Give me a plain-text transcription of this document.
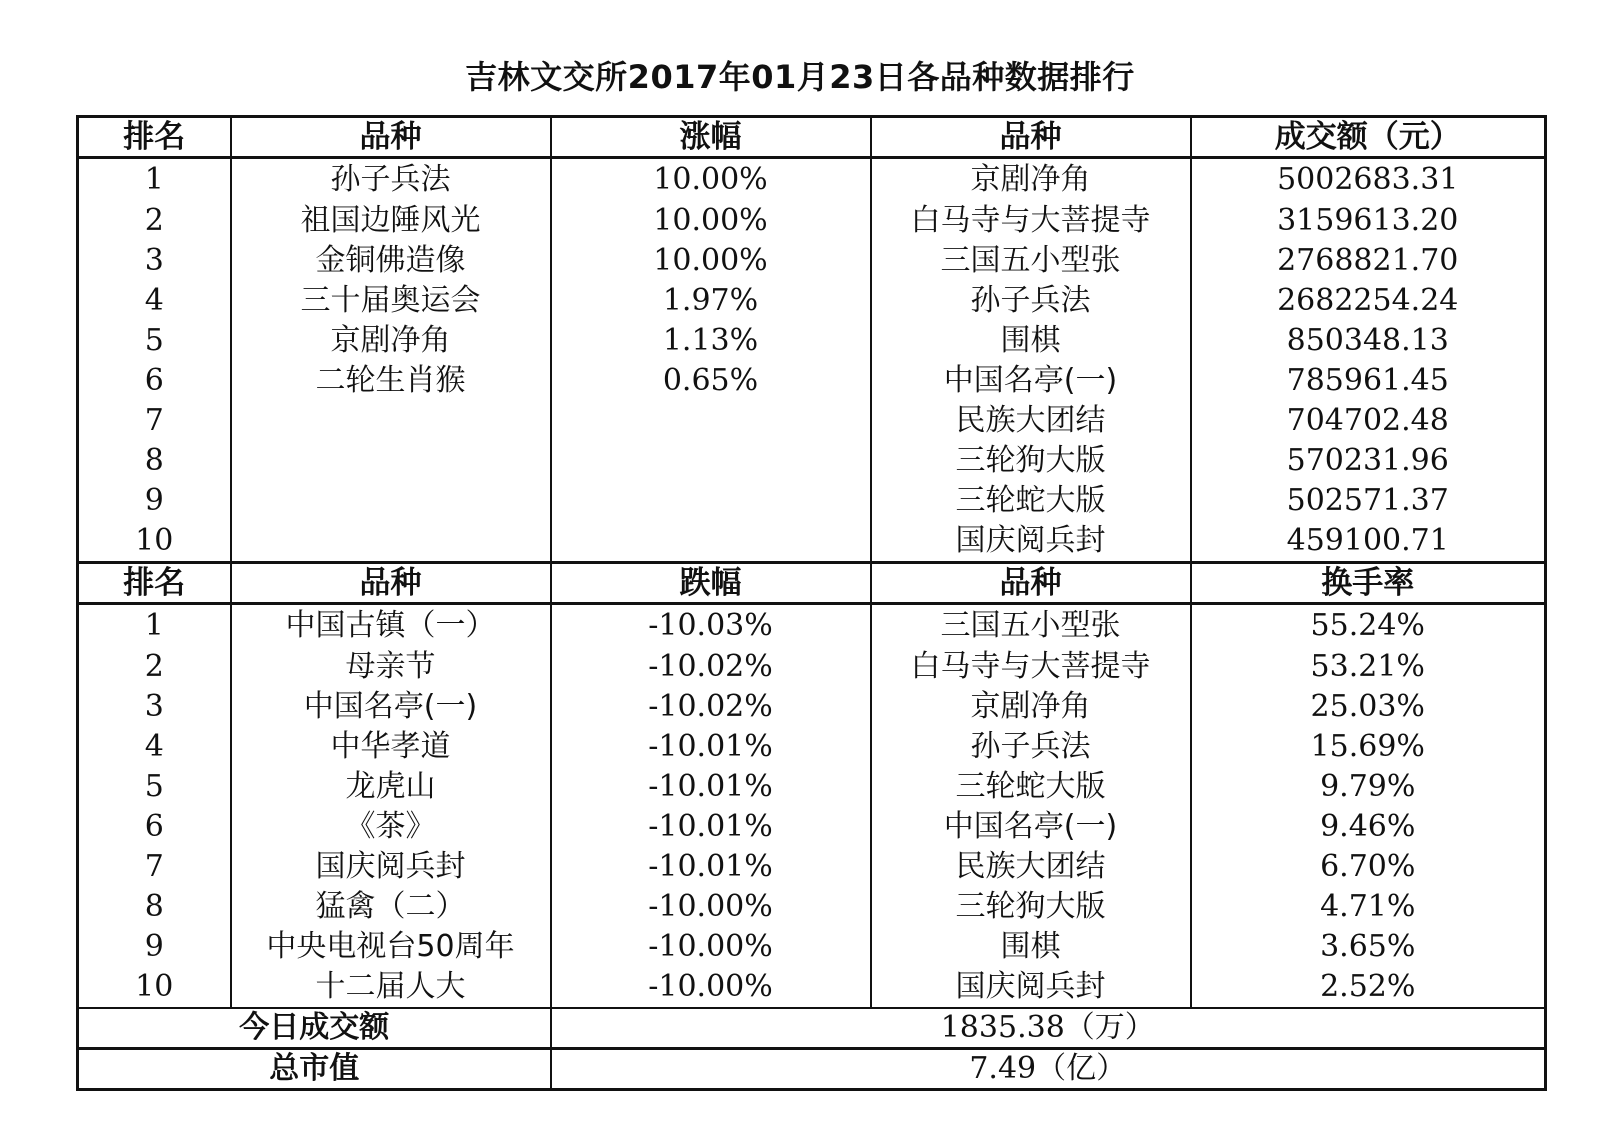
吉林文交所2017年01月23日各品种数据排行
排名	品种	涨幅	品种	成交额（元）
1	孙子兵法	10.00%	京剧净角	5002683.31
2	祖国边陲风光	10.00%	白马寺与大菩提寺	3159613.20
3	金铜佛造像	10.00%	三国五小型张	2768821.70
4	三十届奥运会	1.97%	孙子兵法	2682254.24
5	京剧净角	1.13%	围棋	850348.13
6	二轮生肖猴	0.65%	中国名亭(一)	785961.45
7			民族大团结	704702.48
8			三轮狗大版	570231.96
9			三轮蛇大版	502571.37
10			国庆阅兵封	459100.71
排名	品种	跌幅	品种	换手率
1	中国古镇（一）	-10.03%	三国五小型张	55.24%
2	母亲节	-10.02%	白马寺与大菩提寺	53.21%
3	中国名亭(一)	-10.02%	京剧净角	25.03%
4	中华孝道	-10.01%	孙子兵法	15.69%
5	龙虎山	-10.01%	三轮蛇大版	9.79%
6	《茶》	-10.01%	中国名亭(一)	9.46%
7	国庆阅兵封	-10.01%	民族大团结	6.70%
8	猛禽（二）	-10.00%	三轮狗大版	4.71%
9	中央电视台50周年	-10.00%	围棋	3.65%
10	十二届人大	-10.00%	国庆阅兵封	2.52%
今日成交额		1835.38（万）		
总市值		7.49（亿）		
